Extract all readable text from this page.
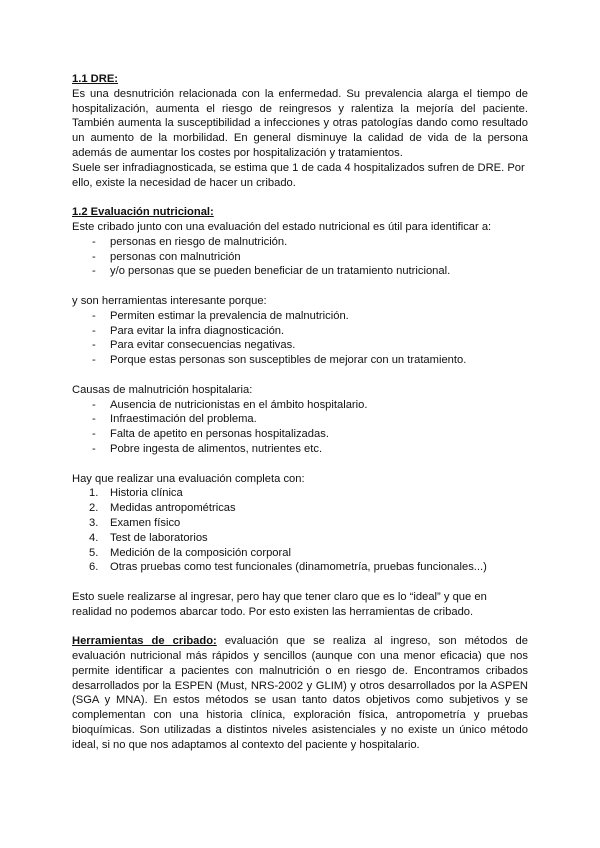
1.1 DRE:

Es una desnutrición relacionada con la enfermedad. Su prevalencia alarga el tiempo de hospitalización, aumenta el riesgo de reingresos y ralentiza la mejoría del paciente. También aumenta la susceptibilidad a infecciones y otras patologías dando como resultado un aumento de la morbilidad. En general disminuye la calidad de vida de la persona además de aumentar los costes por hospitalización y tratamientos.

Suele ser infradiagnosticada, se estima que 1 de cada 4 hospitalizados sufren de DRE. Por ello, existe la necesidad de hacer un cribado.

1.2 Evaluación nutricional:

Este cribado junto con una evaluación del estado nutricional es útil para identificar a:

- personas en riesgo de malnutrición.
- personas con malnutrición
- y/o personas que se pueden beneficiar de un tratamiento nutricional.

y son herramientas interesante porque:

- Permiten estimar la prevalencia de malnutrición.
- Para evitar la infra diagnosticación.
- Para evitar consecuencias negativas.
- Porque estas personas son susceptibles de mejorar con un tratamiento.

Causas de malnutrición hospitalaria:

- Ausencia de nutricionistas en el ámbito hospitalario.
- Infraestimación del problema.
- Falta de apetito en personas hospitalizadas.
- Pobre ingesta de alimentos, nutrientes etc.

Hay que realizar una evaluación completa con:

1. Historia clínica
2. Medidas antropométricas
3. Examen físico
4. Test de laboratorios
5. Medición de la composición corporal
6. Otras pruebas como test funcionales (dinamometría, pruebas funcionales...)

Esto suele realizarse al ingresar, pero hay que tener claro que es lo “ideal” y que en realidad no podemos abarcar todo. Por esto existen las herramientas de cribado.

Herramientas de cribado: evaluación que se realiza al ingreso, son métodos de evaluación nutricional más rápidos y sencillos (aunque con una menor eficacia) que nos permite identificar a pacientes con malnutrición o en riesgo de. Encontramos cribados desarrollados por la ESPEN (Must, NRS-2002 y GLIM) y otros desarrollados por la ASPEN (SGA y MNA). En estos métodos se usan tanto datos objetivos como subjetivos y se complementan con una historia clínica, exploración física, antropometría y pruebas bioquímicas. Son utilizadas a distintos niveles asistenciales y no existe un único método ideal, si no que nos adaptamos al contexto del paciente y hospitalario.
